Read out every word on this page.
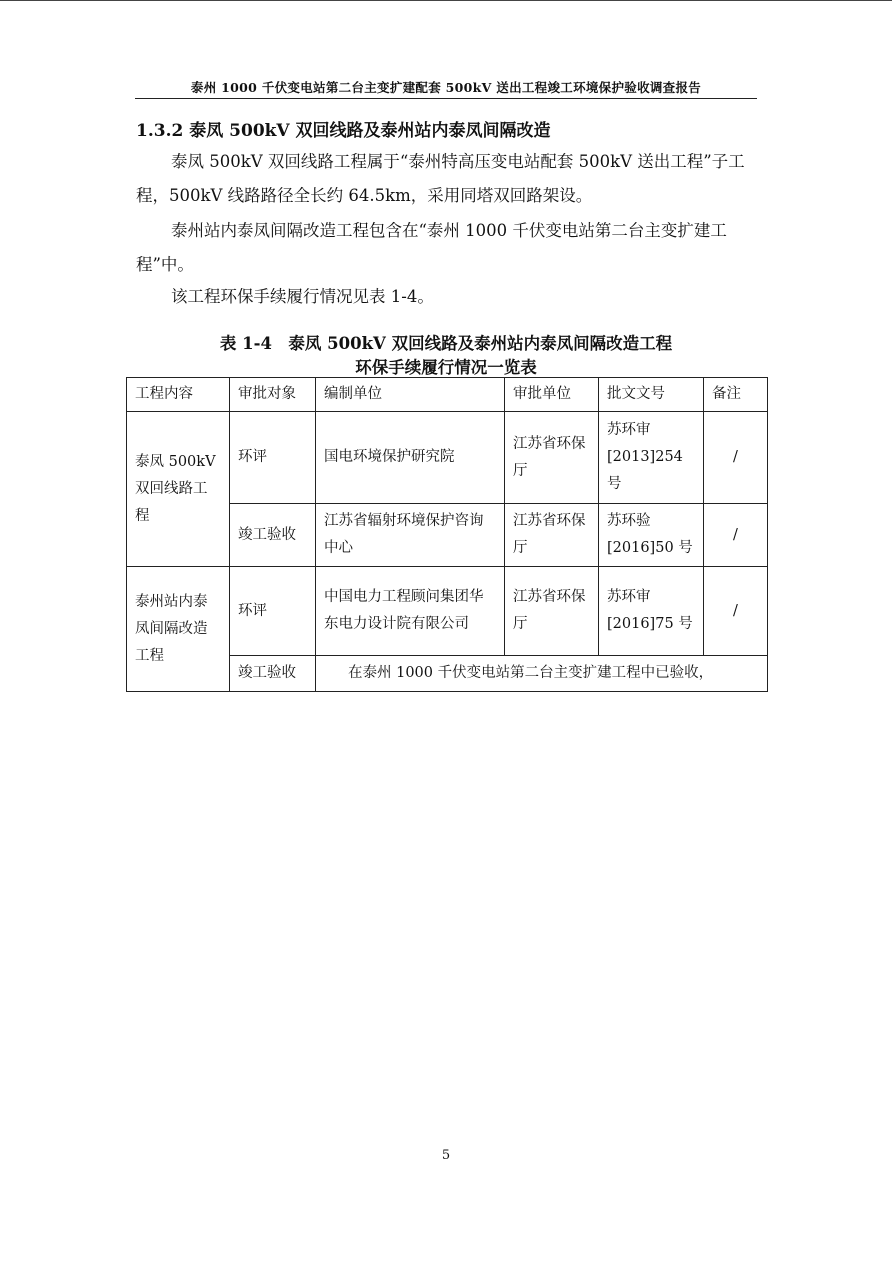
泰州 1000 千伏变电站第二台主变扩建配套 500kV 送出工程竣工环境保护验收调查报告
1.3.2 泰凤 500kV 双回线路及泰州站内泰凤间隔改造

泰凤 500kV 双回线路工程属于“泰州特高压变电站配套 500kV 送出工程”子工程，500kV 线路路径全长约 64.5km，采用同塔双回路架设。

泰州站内泰凤间隔改造工程包含在“泰州 1000 千伏变电站第二台主变扩建工程”中。

该工程环保手续履行情况见表 1-4。

表 1-4　泰凤 500kV 双回线路及泰州站内泰凤间隔改造工程
环保手续履行情况一览表
工程内容	审批对象	编制单位	审批单位	批文文号	备注
泰凤 500kV 双回线路工程	环评	国电环境保护研究院	江苏省环保厅	苏环审[2013]254 号	/
	竣工验收	江苏省辐射环境保护咨询中心	江苏省环保厅	苏环验[2016]50 号	/
泰州站内泰凤间隔改造工程	环评	中国电力工程顾问集团华东电力设计院有限公司	江苏省环保厅	苏环审[2016]75 号	/
	竣工验收	在泰州 1000 千伏变电站第二台主变扩建工程中已验收，			
5
